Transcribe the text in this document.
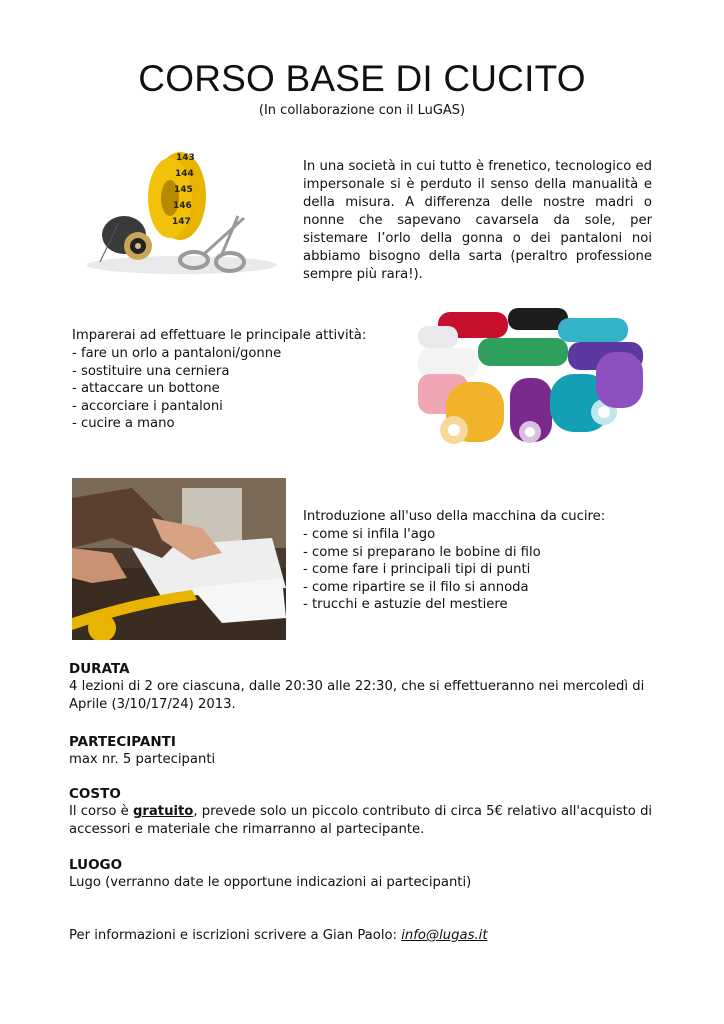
CORSO BASE DI CUCITO
(In collaborazione con il LuGAS)
143 144 145 146 147
In una società in cui tutto è frenetico, tecnologico ed impersonale si è perduto il senso della manualità e della misura. A differenza delle nostre madri o nonne che sapevano cavarsela da sole, per sistemare l’orlo della gonna o dei pantaloni noi abbiamo bisogno della sarta (peraltro professione sempre più rara!).
Imparerai ad effettuare le principale attività:
- fare un orlo a pantaloni/gonne
- sostituire una cerniera
- attaccare un bottone
- accorciare i pantaloni
- cucire a mano
Introduzione all'uso della macchina da cucire:
- come si infila l'ago
- come si preparano le bobine di filo
- come fare i principali tipi di punti
- come ripartire se il filo si annoda
- trucchi e astuzie del mestiere
DURATA
4 lezioni di 2 ore ciascuna, dalle 20:30 alle 22:30, che si effettueranno nei mercoledì di Aprile (3/10/17/24) 2013.
PARTECIPANTI
max nr. 5 partecipanti
COSTO
Il corso è gratuito, prevede solo un piccolo contributo di circa 5€ relativo all'acquisto di accessori e materiale che rimarranno al partecipante.
LUOGO
Lugo (verranno date le opportune indicazioni ai partecipanti)
Per informazioni e iscrizioni scrivere a Gian Paolo: info@lugas.it
